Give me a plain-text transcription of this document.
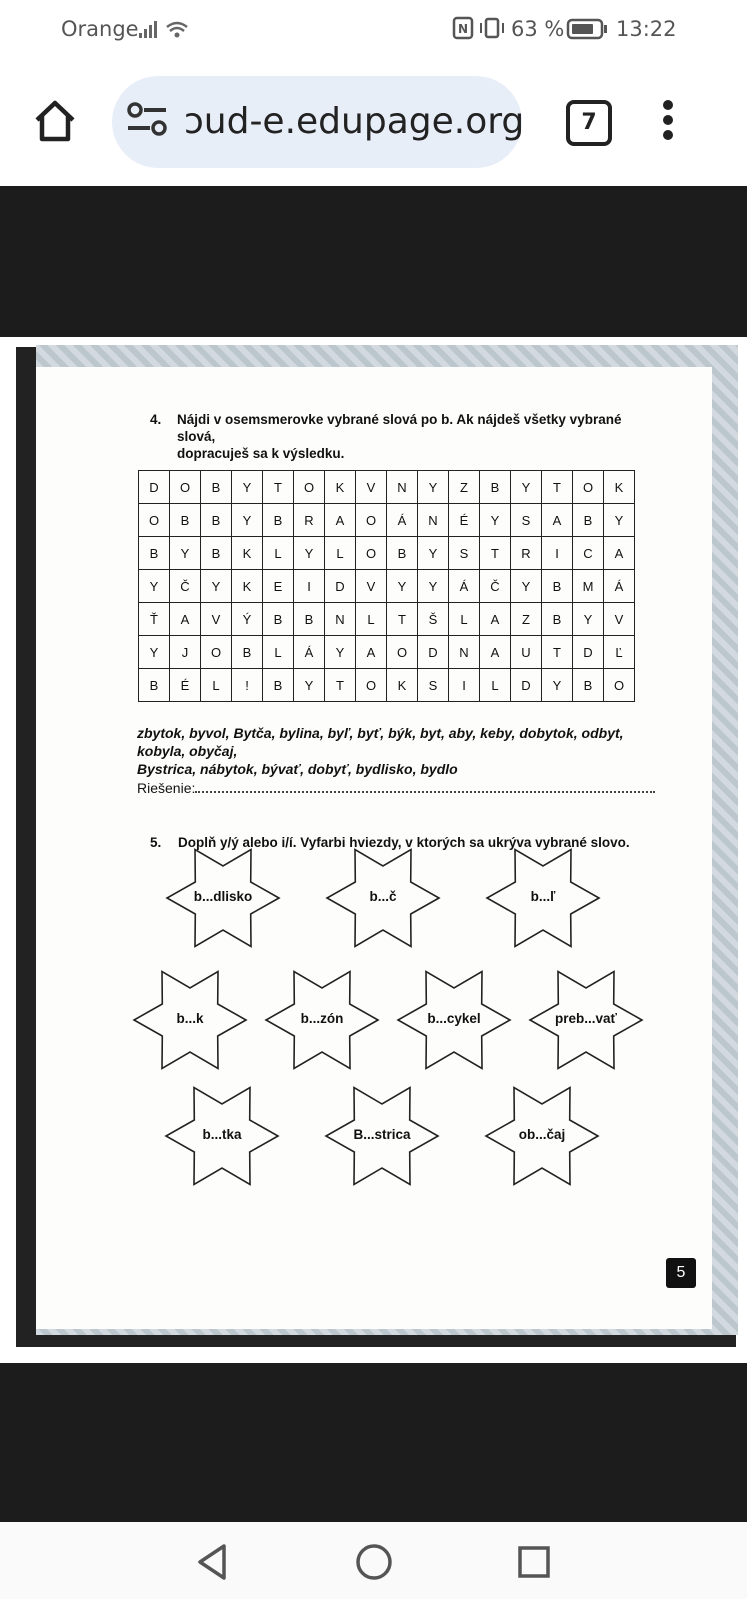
Orange	N 63 % 13:22
ɔud-e.edupage.org	7
4. Nájdi v osemsmerovke vybrané slová po b. Ak nájdeš všetky vybrané slová,
dopracuješ sa k výsledku.
D	O	B	Y	T	O	K	V	N	Y	Z	B	Y	T	O	K
O	B	B	Y	B	R	A	O	Á	N	É	Y	S	A	B	Y
B	Y	B	K	L	Y	L	O	B	Y	S	T	R	I	C	A
Y	Č	Y	K	E	I	D	V	Y	Y	Á	Č	Y	B	M	Á
Ť	A	V	Ý	B	B	N	L	T	Š	L	A	Z	B	Y	V
Y	J	O	B	L	Á	Y	A	O	D	N	A	U	T	D	Ľ
B	É	L	!	B	Y	T	O	K	S	I	L	D	Y	B	O
zbytok, byvol, Bytča, bylina, byľ, byť, býk, byt, aby, keby, dobytok, odbyt, kobyla, obyčaj,
Bystrica, nábytok, bývať, dobyť, bydlisko, bydlo
Riešenie:
5. Doplň y/ý alebo i/í. Vyfarbi hviezdy, v ktorých sa ukrýva vybrané slovo.
b...dlisko	b...č	b...ľ
b...k	b...zón	b...cykel	preb...vať
b...tka	B...strica	ob...čaj
5
